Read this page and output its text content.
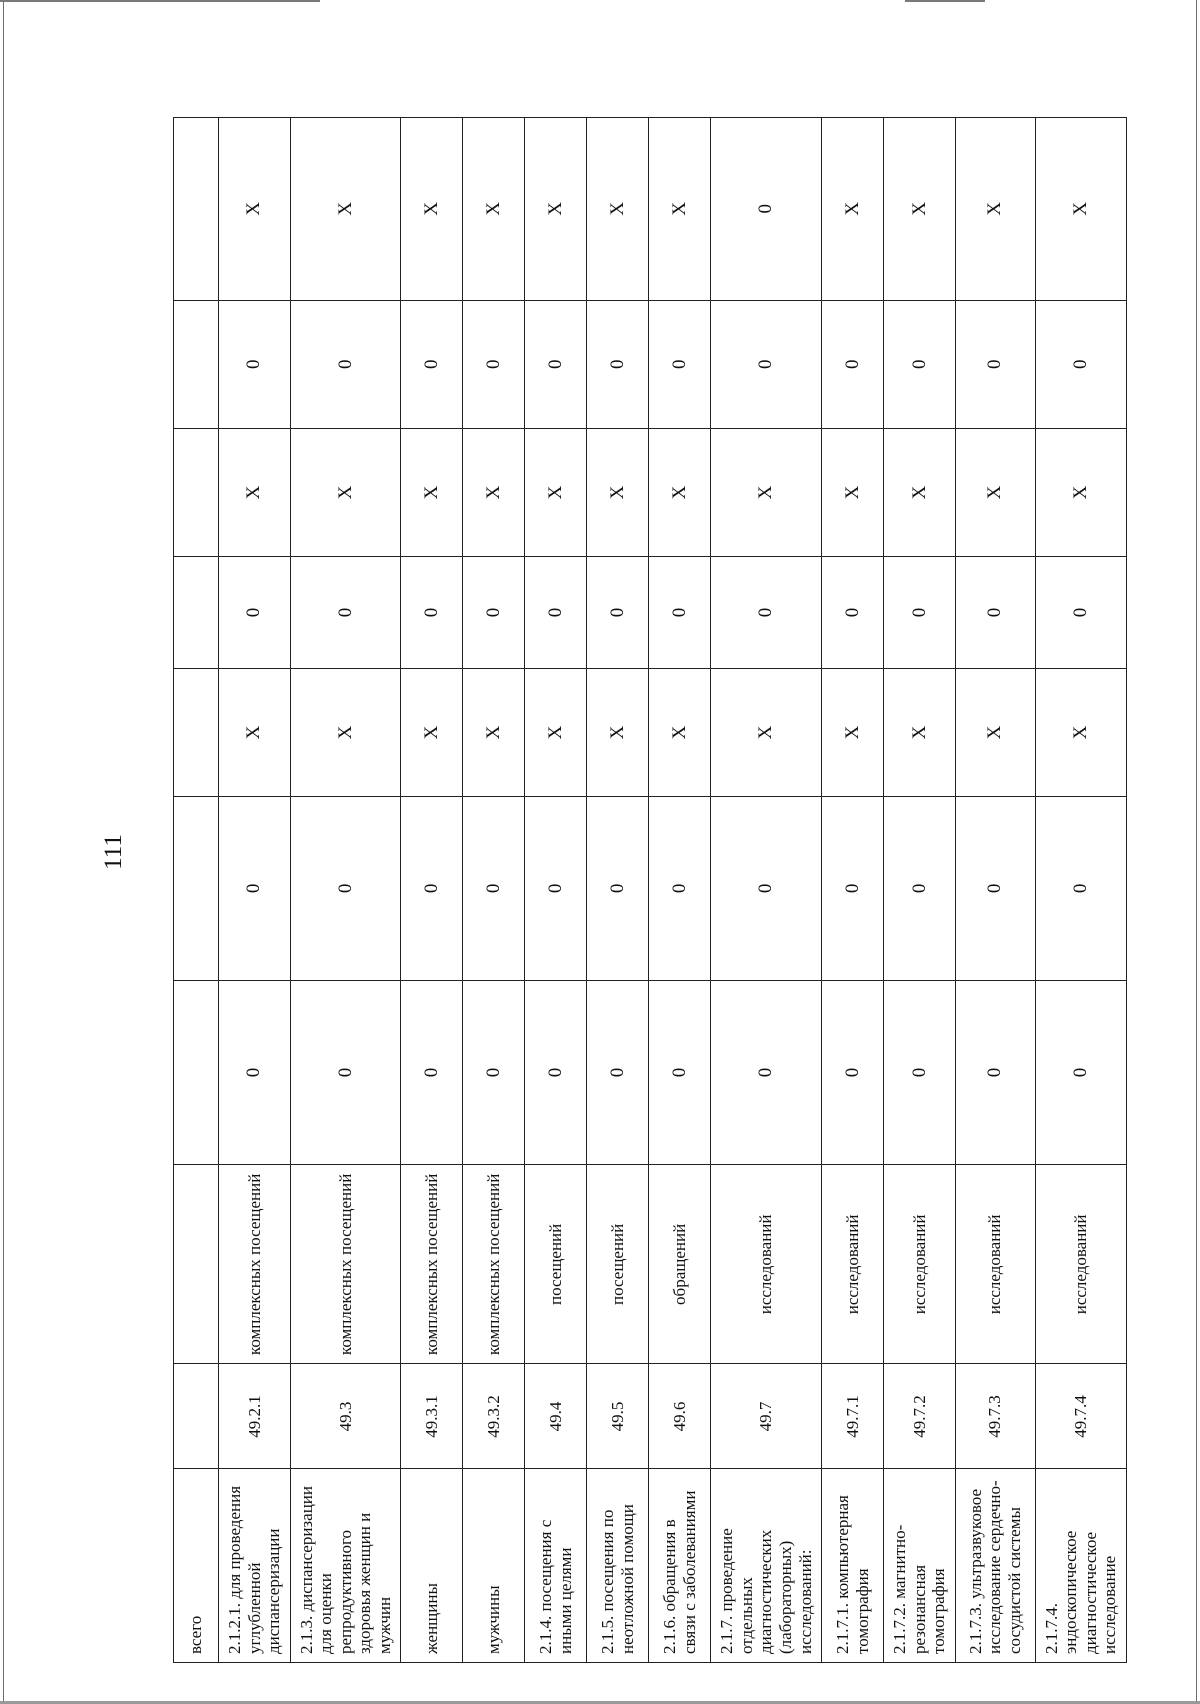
111
всего									
2.1.2.1. для проведения углубленной диспансеризации	49.2.1	комплексных посещений	0	0	X	0	X	0	X
2.1.3. диспансеризации для оценки репродуктивного здоровья женщин и мужчин	49.3	комплексных посещений	0	0	X	0	X	0	X
женщины	49.3.1	комплексных посещений	0	0	X	0	X	0	X
мужчины	49.3.2	комплексных посещений	0	0	X	0	X	0	X
2.1.4. посещения с иными целями	49.4	посещений	0	0	X	0	X	0	X
2.1.5. посещения по неотложной помощи	49.5	посещений	0	0	X	0	X	0	X
2.1.6. обращения в связи с заболеваниями	49.6	обращений	0	0	X	0	X	0	X
2.1.7. проведение отдельных диагностических (лабораторных) исследований:	49.7	исследований	0	0	X	0	X	0	0
2.1.7.1. компьютерная томография	49.7.1	исследований	0	0	X	0	X	0	X
2.1.7.2. магнитно-резонансная томография	49.7.2	исследований	0	0	X	0	X	0	X
2.1.7.3. ультразвуковое исследование сердечно-сосудистой системы	49.7.3	исследований	0	0	X	0	X	0	X
2.1.7.4. эндоскопическое диагностическое исследование	49.7.4	исследований	0	0	X	0	X	0	X
